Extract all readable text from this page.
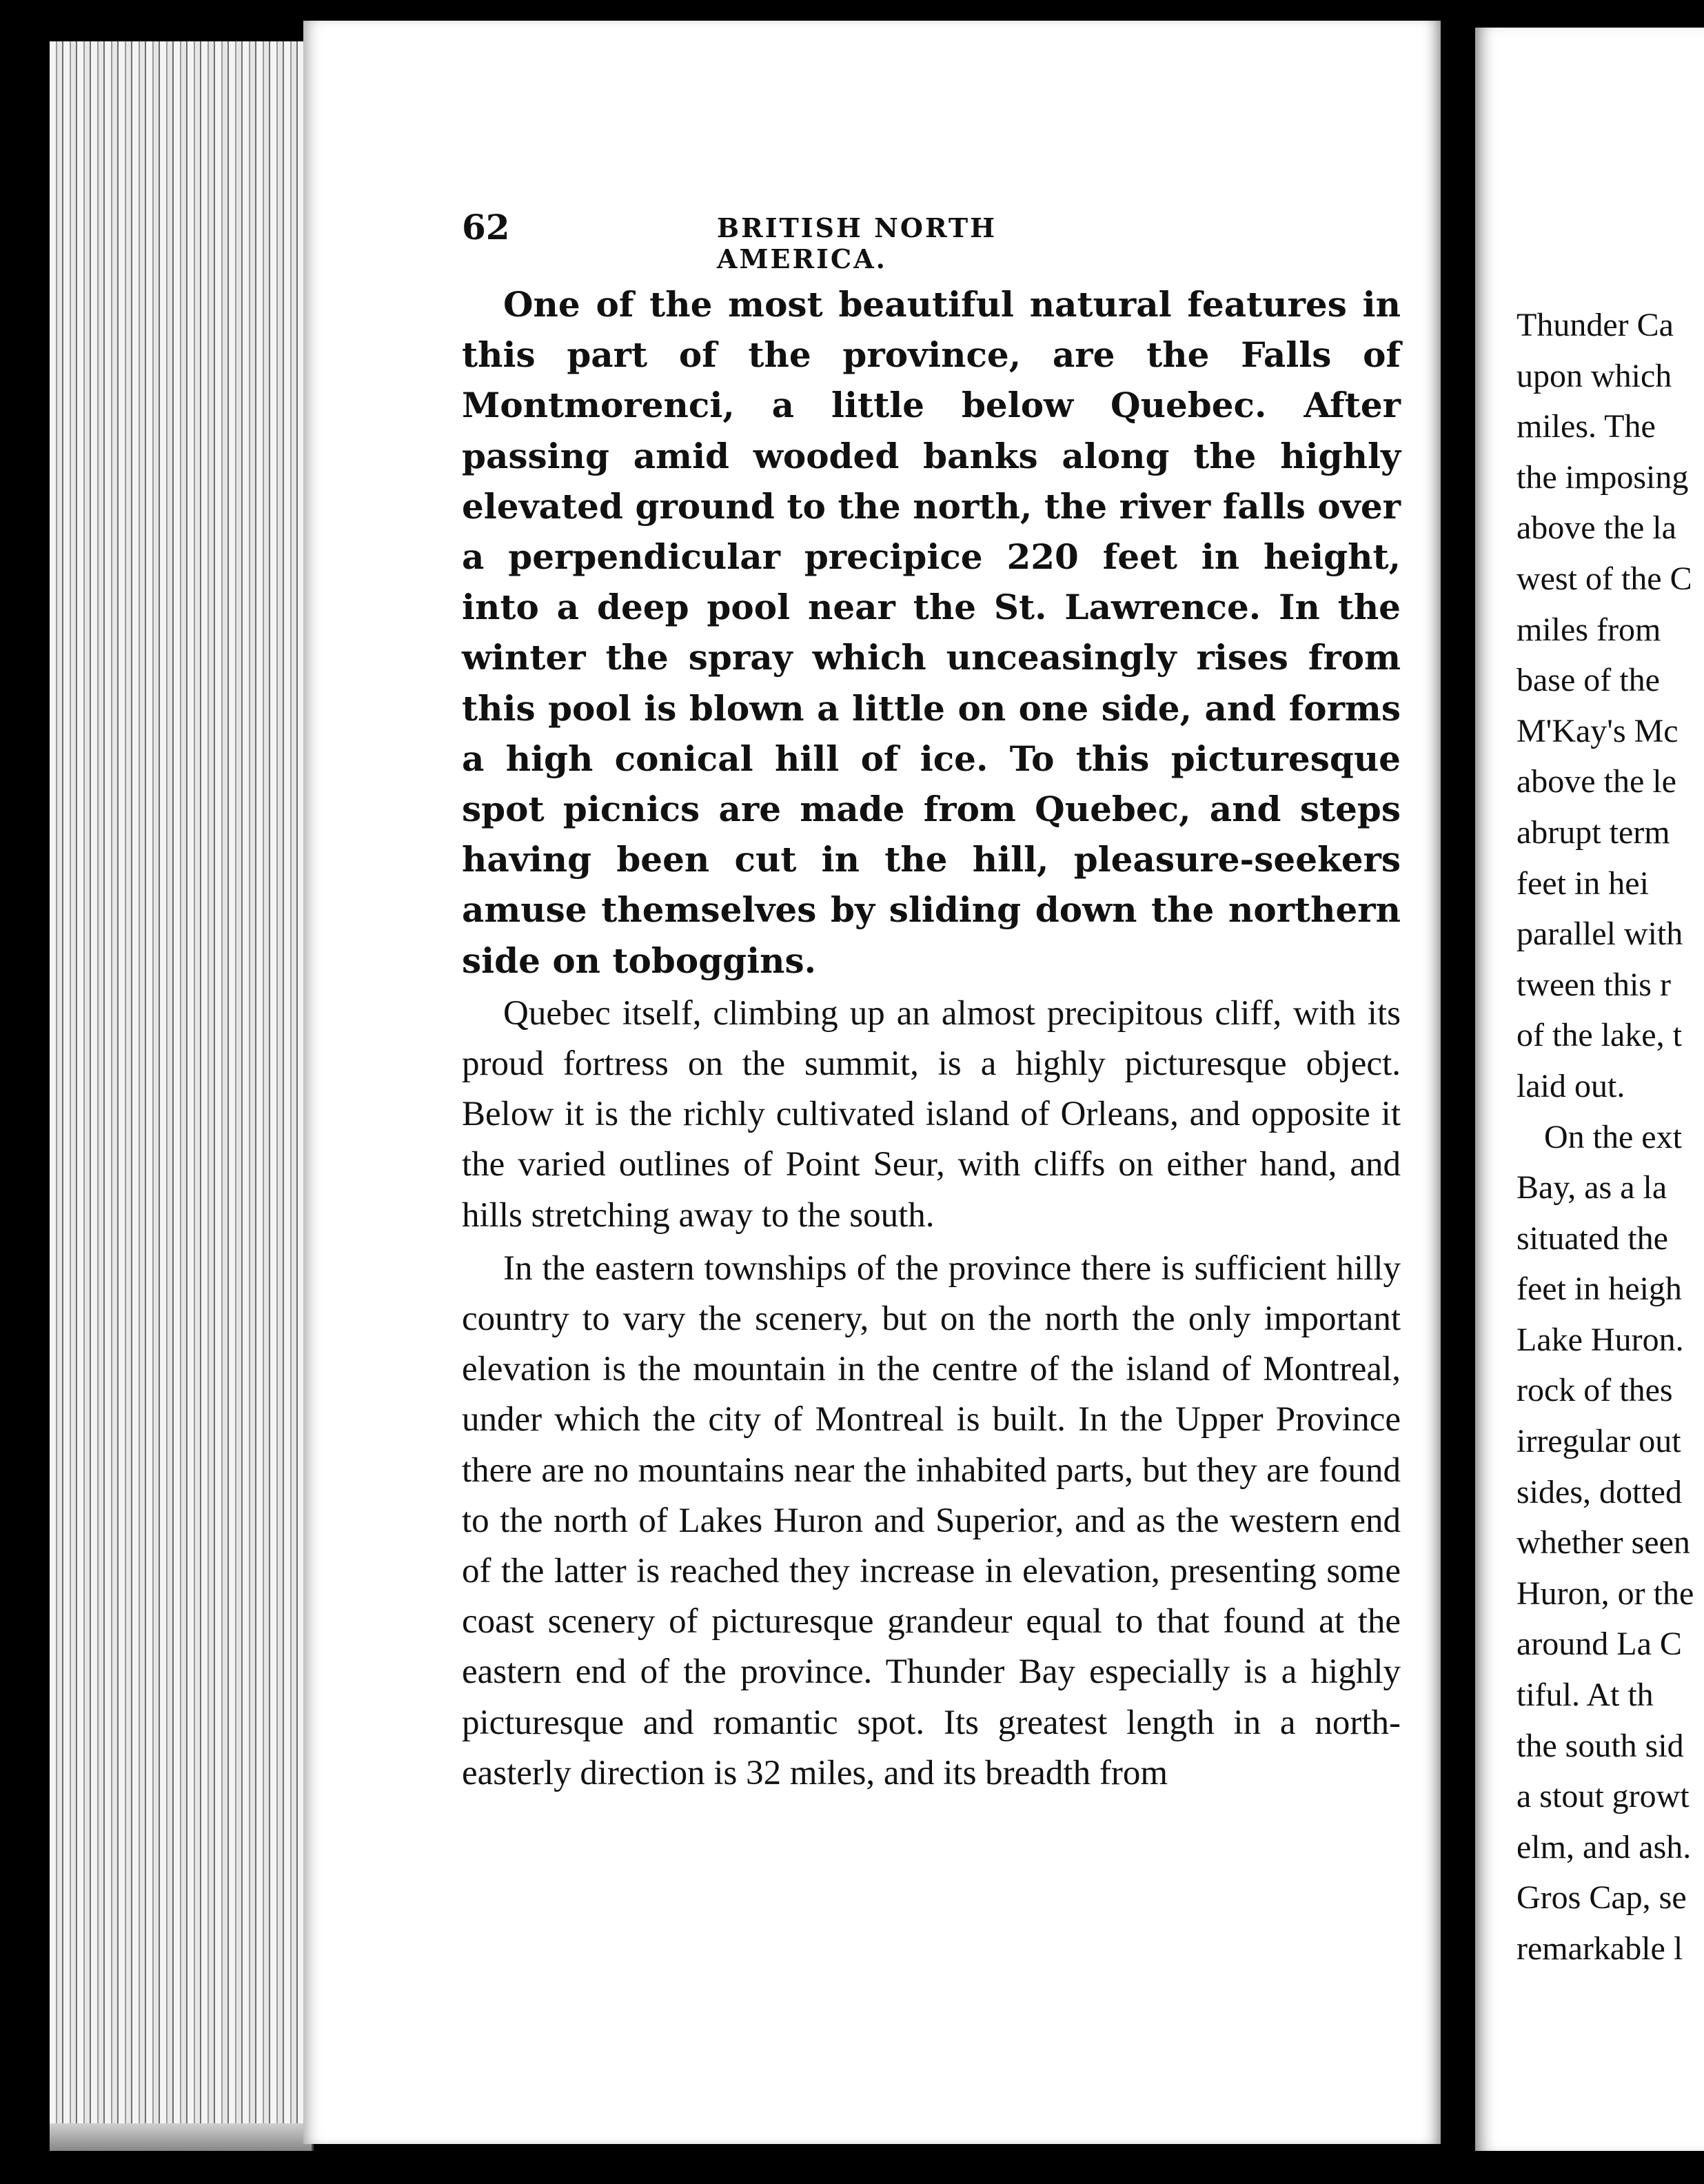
62	BRITISH NORTH AMERICA.

One of the most beautiful natural features in this part of the province, are the Falls of Montmorenci, a little below Quebec. After passing amid wooded banks along the highly elevated ground to the north, the river falls over a perpendicular precipice 220 feet in height, into a deep pool near the St. Lawrence. In the winter the spray which unceasingly rises from this pool is blown a little on one side, and forms a high conical hill of ice. To this picturesque spot picnics are made from Quebec, and steps having been cut in the hill, pleasure-seekers amuse themselves by sliding down the northern side on toboggins.

Quebec itself, climbing up an almost precipitous cliff, with its proud fortress on the summit, is a highly picturesque object. Below it is the richly cultivated island of Orleans, and opposite it the varied outlines of Point Seur, with cliffs on either hand, and hills stretching away to the south.

In the eastern townships of the province there is sufficient hilly country to vary the scenery, but on the north the only important elevation is the mountain in the centre of the island of Montreal, under which the city of Montreal is built. In the Upper Province there are no mountains near the inhabited parts, but they are found to the north of Lakes Huron and Superior, and as the western end of the latter is reached they increase in elevation, presenting some coast scenery of picturesque grandeur equal to that found at the eastern end of the province. Thunder Bay especially is a highly picturesque and romantic spot. Its greatest length in a north-easterly direction is 32 miles, and its breadth from

Thunder Ca
upon which
miles. The
the imposing
above the la
west of the C
miles from
base of the
M'Kay's Mc
above the le
abrupt term
feet in hei
parallel with
tween this r
of the lake, t
laid out.
On the ext
Bay, as a la
situated the
feet in heigh
Lake Huron.
rock of thes
irregular out
sides, dotted
whether seen
Huron, or the
around La C
tiful. At th
the south sid
a stout growt
elm, and ash.
Gros Cap, se
remarkable l
